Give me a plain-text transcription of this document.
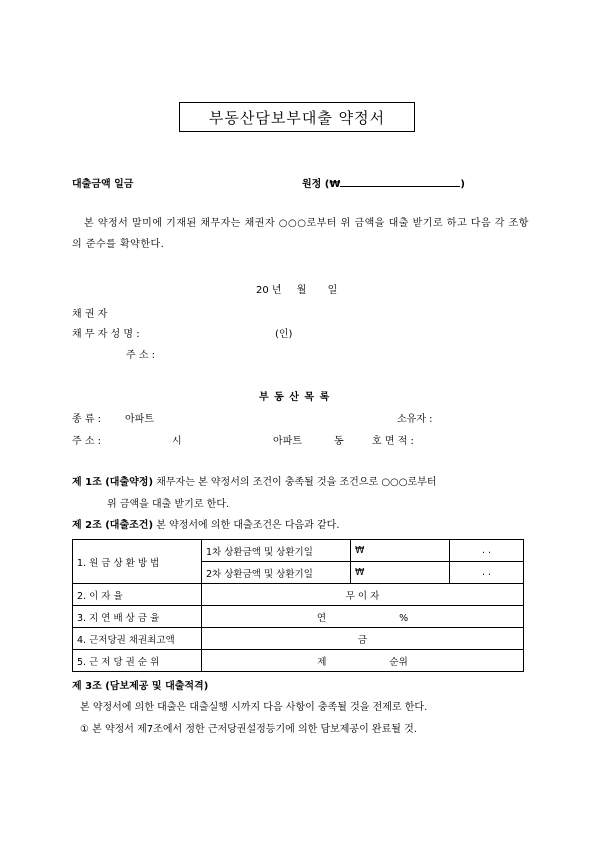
부동산담보부대출 약정서
대출금액 일금	원정 (₩	)
본 약정서 말미에 기재된 채무자는 채권자 ○○○로부터 위 금액을 대출 받기로 하고 다음 각 조항의 준수를 확약한다.
20 년 월 일
채 권 자
채 무 자 성 명 :	(인)
주 소 :
부 동 산 목 록
종 류 : 아파트	소유자 :
주 소 :	시	아파트	동	호 면 적 :
제 1조 (대출약정) 채무자는 본 약정서의 조건이 충족될 것을 조건으로 ○○○로부터
위 금액을 대출 받기로 한다.
제 2조 (대출조건) 본 약정서에 의한 대출조건은 다음과 같다.
1. 원 금 상 환 방 법	1차 상환금액 및 상환기일	₩	. .
	2차 상환금액 및 상환기일	₩	. .
2. 이 자 율	무 이 자		
3. 지 연 배 상 금 율	연 %		
4. 근저당권 채권최고액	금		
5. 근 저 당 권 순 위	제 순위		
제 3조 (담보제공 및 대출적격)
본 약정서에 의한 대출은 대출실행 시까지 다음 사항이 충족될 것을 전제로 한다.
① 본 약정서 제7조에서 정한 근저당권설정등기에 의한 담보제공이 완료될 것.
